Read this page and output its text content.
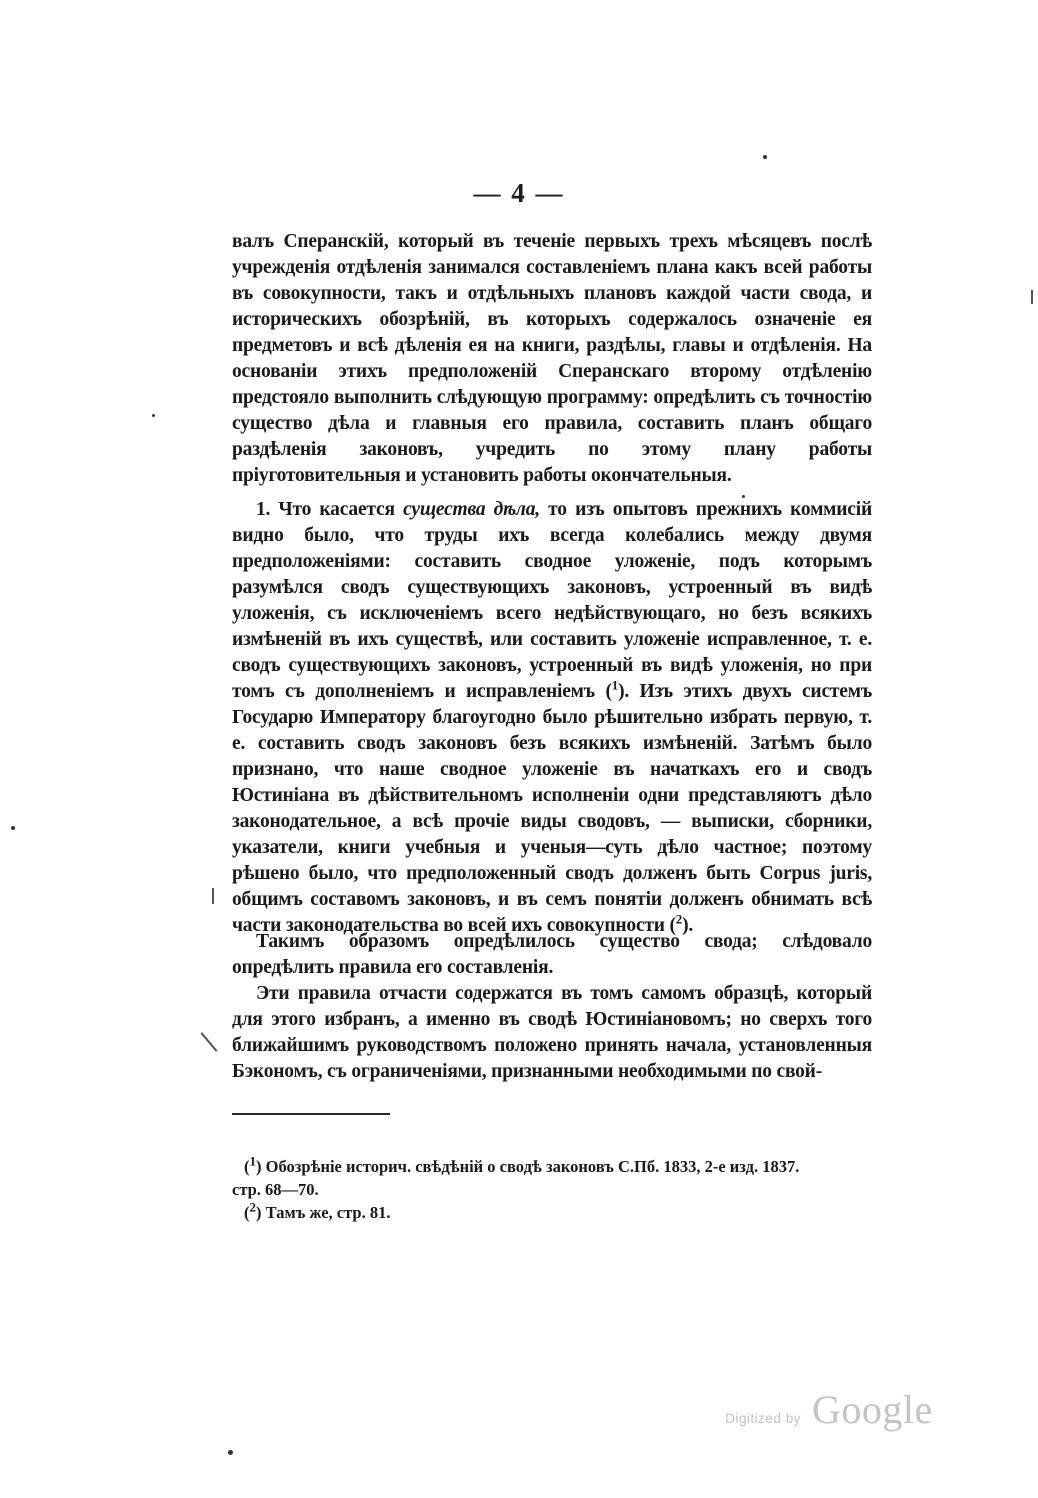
— 4 —

валъ Сперанскій, который въ теченіе первыхъ трехъ мѣсяцевъ послѣ учрежденія отдѣленія занимался составленіемъ плана какъ всей работы въ совокупности, такъ и отдѣльныхъ плановъ каждой части свода, и историческихъ обозрѣній, въ которыхъ содержалось означеніе ея предметовъ и всѣ дѣленія ея на книги, раздѣлы, главы и отдѣленія. На основаніи этихъ предположеній Сперанскаго второму отдѣленію предстояло выполнить слѣдующую программу: опредѣлить съ точностію существо дѣла и главныя его правила, составить планъ общаго раздѣленія законовъ, учредить по этому плану работы пріуготовительныя и установить работы окончательныя.

1. Что касается существа дѣла, то изъ опытовъ прежнихъ коммисій видно было, что труды ихъ всегда колебались между двумя предположеніями: составить сводное уложеніе, подъ которымъ разумѣлся сводъ существующихъ законовъ, устроенный въ видѣ уложенія, съ исключеніемъ всего недѣйствующаго, но безъ всякихъ измѣненій въ ихъ существѣ, или составить уложеніе исправленное, т. е. сводъ существующихъ законовъ, устроенный въ видѣ уложенія, но при томъ съ дополненіемъ и исправленіемъ ($^1$). Изъ этихъ двухъ системъ Государю Императору благоугодно было рѣшительно избрать первую, т. е. составить сводъ законовъ безъ всякихъ измѣненій. Затѣмъ было признано, что наше сводное уложеніе въ начаткахъ его и сводъ Юстиніана въ дѣйствительномъ исполненіи одни представляютъ дѣло законодательное, а всѣ прочіе виды сводовъ, — выписки, сборники, указатели, книги учебныя и ученыя—суть дѣло частное; поэтому рѣшено было, что предположенный сводъ долженъ быть Corpus juris, общимъ составомъ законовъ, и въ семъ понятіи долженъ обнимать всѣ части законодательства во всей ихъ совокупности ($^2$).

Такимъ образомъ опредѣлилось существо свода; слѣдовало опредѣлить правила его составленія.

Эти правила отчасти содержатся въ томъ самомъ образцѣ, который для этого избранъ, а именно въ сводѣ Юстиніановомъ; но сверхъ того ближайшимъ руководствомъ положено принять начала, установленныя Бэкономъ, съ ограниченіями, признанными необходимыми по свой-

($^1$) Обозрѣніе историч. свѣдѣній о сводѣ законовъ С.Пб. 1833, 2-е изд. 1837.

стр. 68—70.

($^2$) Тамъ же, стр. 81.

Digitized by Google
